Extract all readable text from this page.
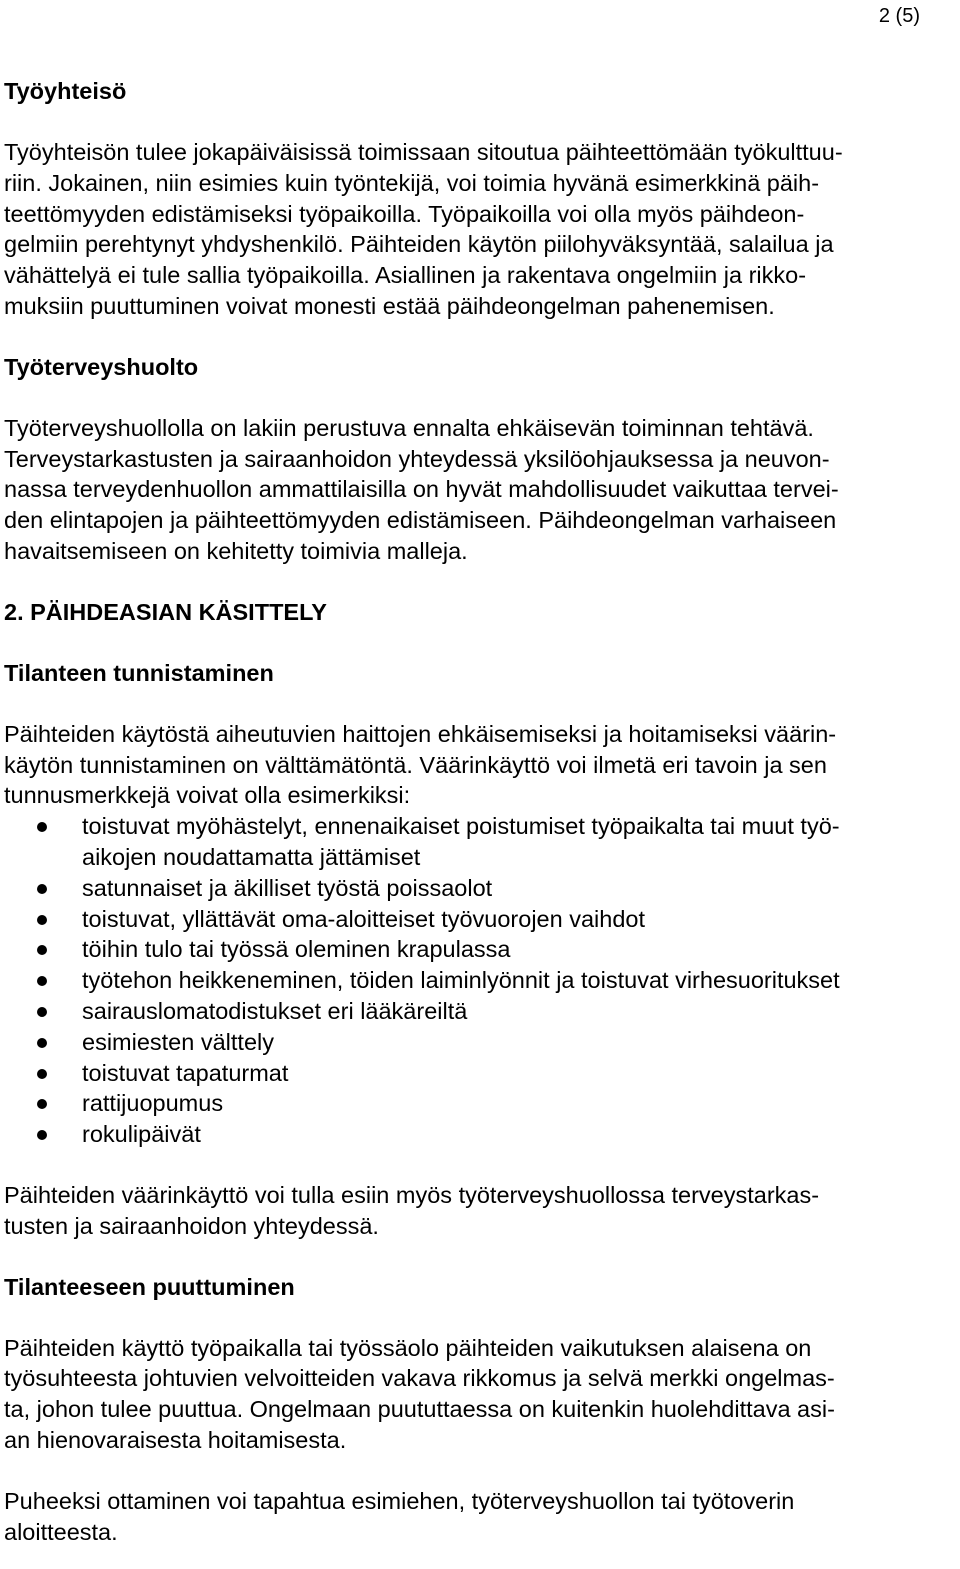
2 (5)
Työyhteisö
Työyhteisön tulee jokapäiväisissä toimissaan sitoutua päihteettömään työkulttuu-
riin. Jokainen, niin esimies kuin työntekijä, voi toimia hyvänä esimerkkinä päih-
teettömyyden edistämiseksi työpaikoilla. Työpaikoilla voi olla myös päihdeon-
gelmiin perehtynyt yhdyshenkilö. Päihteiden käytön piilohyväksyntää, salailua ja
vähättelyä ei tule sallia työpaikoilla. Asiallinen ja rakentava ongelmiin ja rikko-
muksiin puuttuminen voivat monesti estää päihdeongelman pahenemisen.
Työterveyshuolto
Työterveyshuollolla on lakiin perustuva ennalta ehkäisevän toiminnan tehtävä.
Terveystarkastusten ja sairaanhoidon yhteydessä yksilöohjauksessa ja neuvon-
nassa terveydenhuollon ammattilaisilla on hyvät mahdollisuudet vaikuttaa tervei-
den elintapojen ja päihteettömyyden edistämiseen. Päihdeongelman varhaiseen
havaitsemiseen on kehitetty toimivia malleja.
2. PÄIHDEASIAN KÄSITTELY
Tilanteen tunnistaminen
Päihteiden käytöstä aiheutuvien haittojen ehkäisemiseksi ja hoitamiseksi väärin-
käytön tunnistaminen on välttämätöntä. Väärinkäyttö voi ilmetä eri tavoin ja sen
tunnusmerkkejä voivat olla esimerkiksi:
toistuvat myöhästelyt, ennenaikaiset poistumiset työpaikalta tai muut työ-
aikojen noudattamatta jättämiset
satunnaiset ja äkilliset työstä poissaolot
toistuvat, yllättävät oma-aloitteiset työvuorojen vaihdot
töihin tulo tai työssä oleminen krapulassa
työtehon heikkeneminen, töiden laiminlyönnit ja toistuvat virhesuoritukset
sairauslomatodistukset eri lääkäreiltä
esimiesten välttely
toistuvat tapaturmat
rattijuopumus
rokulipäivät
Päihteiden väärinkäyttö voi tulla esiin myös työterveyshuollossa terveystarkas-
tusten ja sairaanhoidon yhteydessä.
Tilanteeseen puuttuminen
Päihteiden käyttö työpaikalla tai työssäolo päihteiden vaikutuksen alaisena on
työsuhteesta johtuvien velvoitteiden vakava rikkomus ja selvä merkki ongelmas-
ta, johon tulee puuttua. Ongelmaan puututtaessa on kuitenkin huolehdittava asi-
an hienovaraisesta hoitamisesta.
Puheeksi ottaminen voi tapahtua esimiehen, työterveyshuollon tai työtoverin
aloitteesta.
